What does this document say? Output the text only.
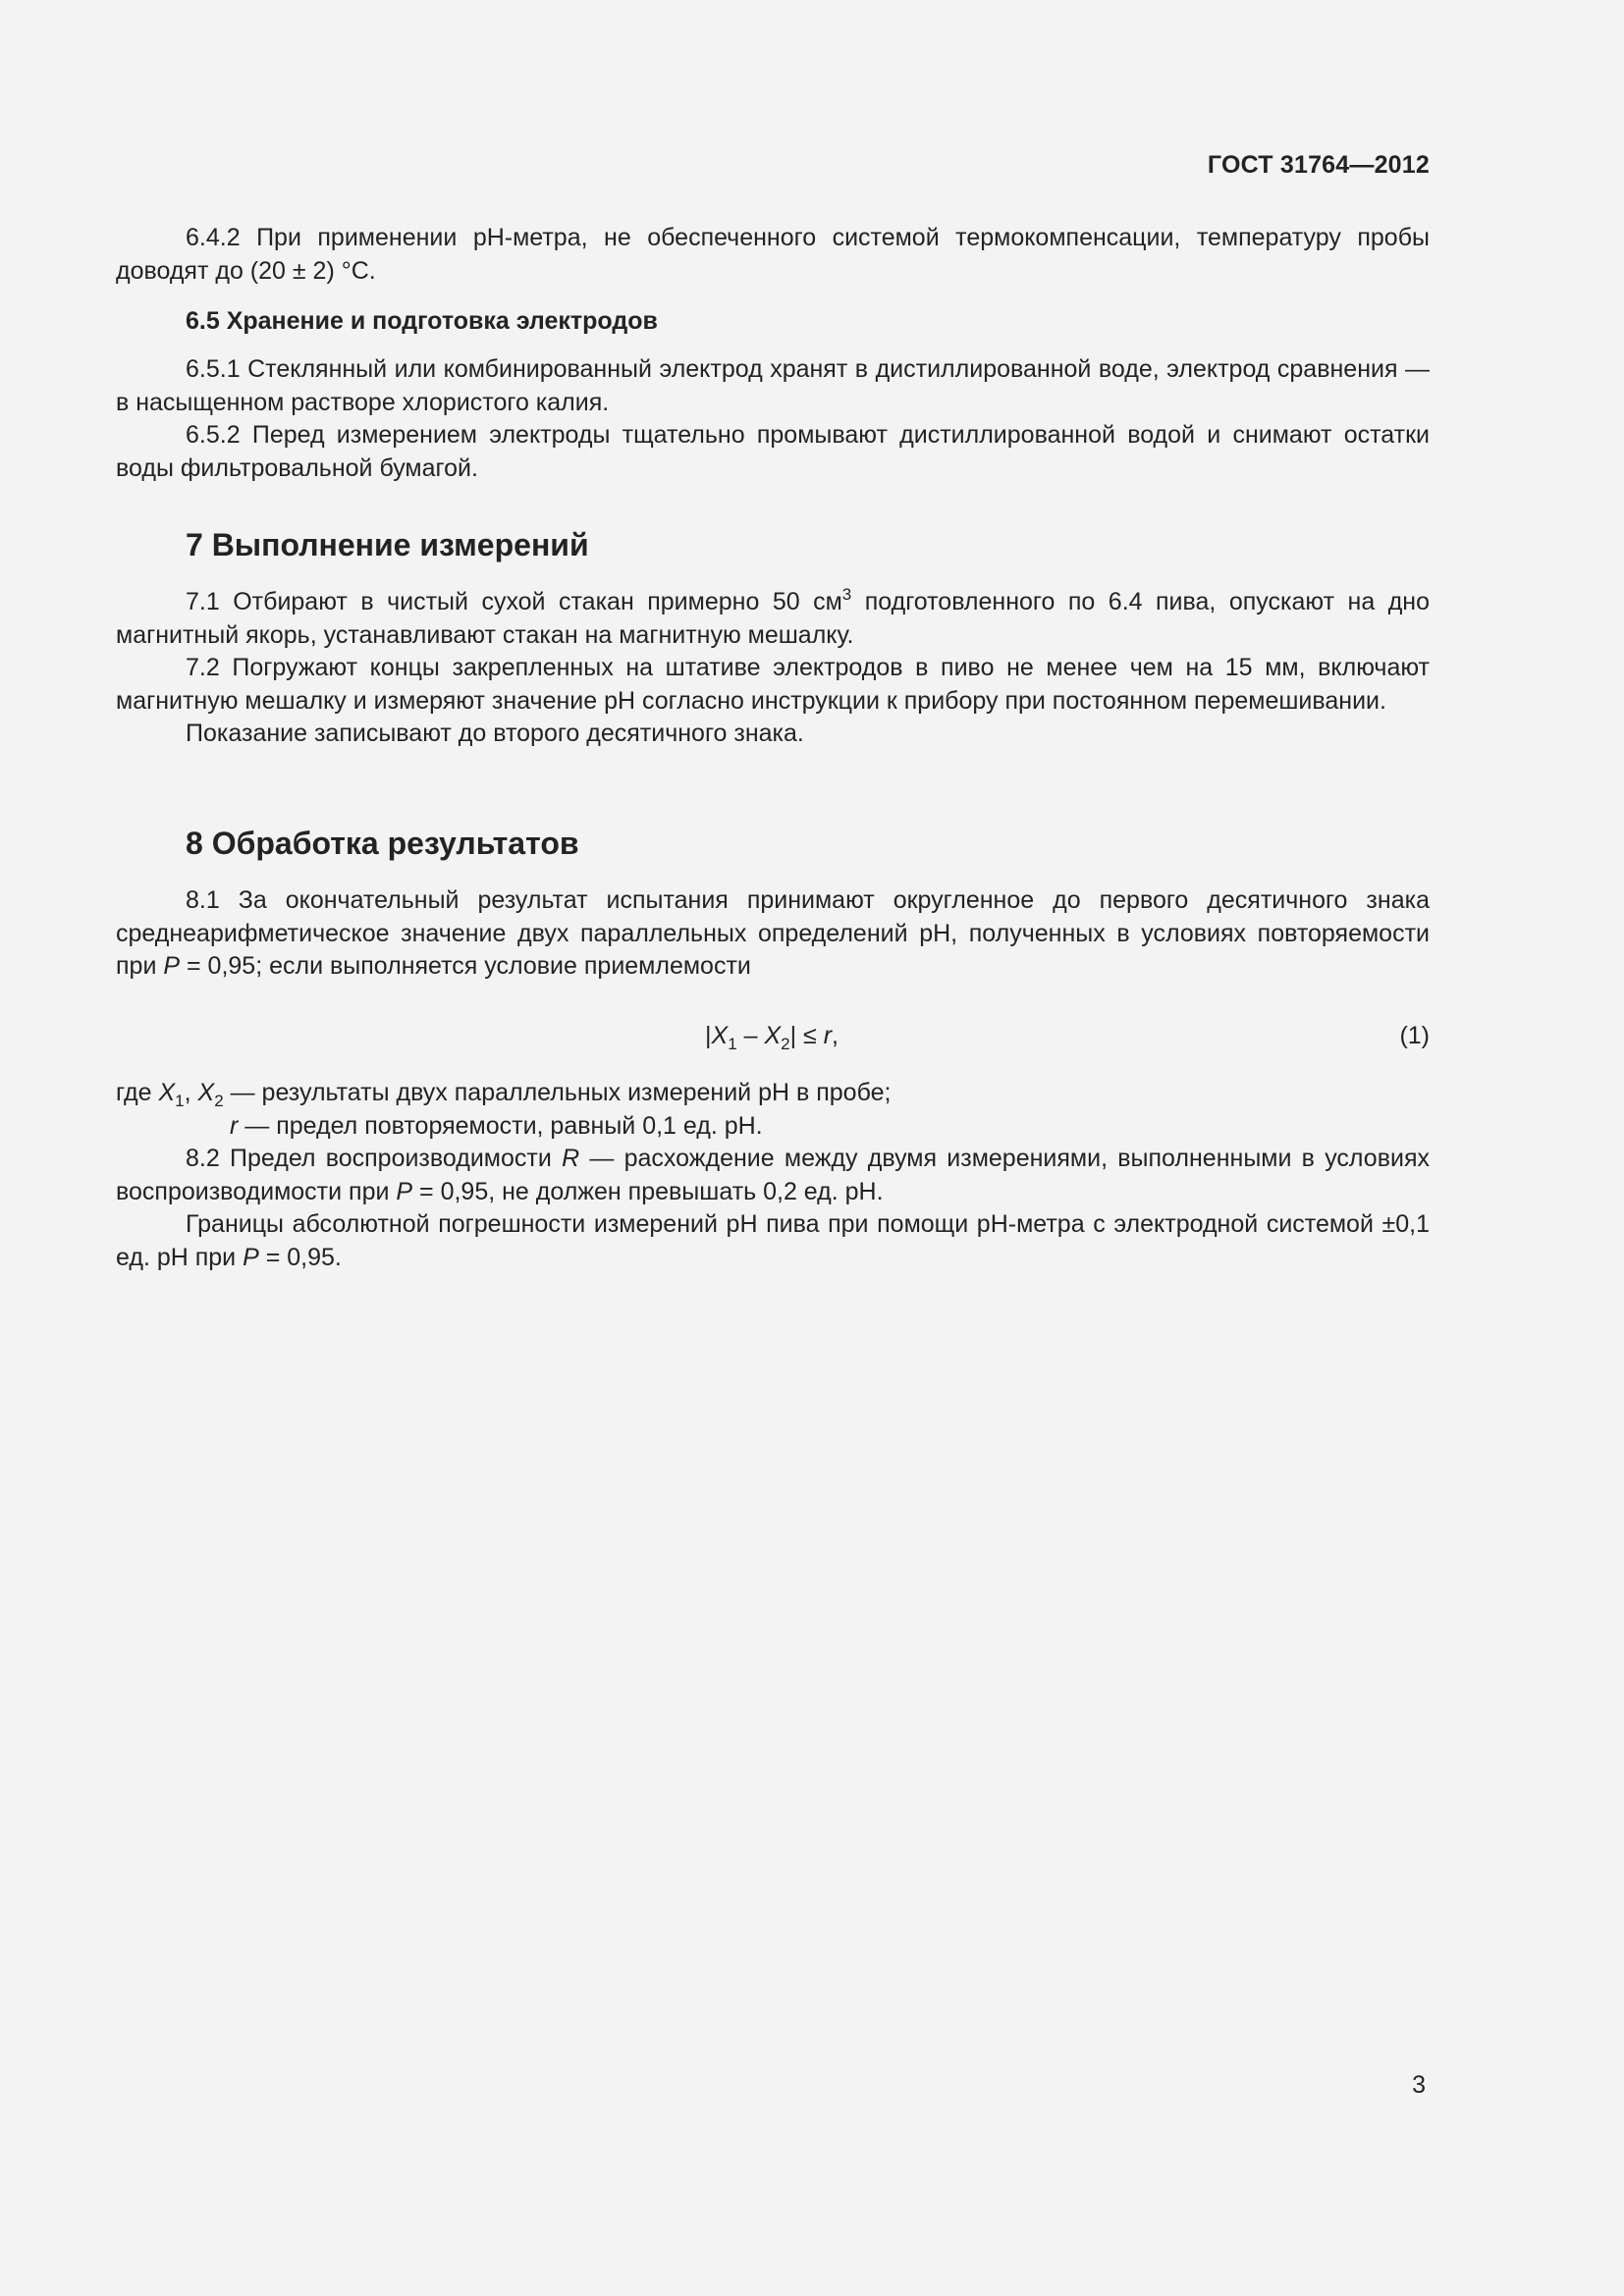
ГОСТ 31764—2012

6.4.2 При применении pH-метра, не обеспеченного системой термокомпенсации, температуру пробы доводят до (20 ± 2) °С.

6.5 Хранение и подготовка электродов

6.5.1 Стеклянный или комбинированный электрод хранят в дистиллированной воде, электрод сравнения — в насыщенном растворе хлористого калия.

6.5.2 Перед измерением электроды тщательно промывают дистиллированной водой и снимают остатки воды фильтровальной бумагой.

7 Выполнение измерений

7.1 Отбирают в чистый сухой стакан примерно 50 $см^3$ подготовленного по 6.4 пива, опускают на дно магнитный якорь, устанавливают стакан на магнитную мешалку.

7.2 Погружают концы закрепленных на штативе электродов в пиво не менее чем на 15 мм, включают магнитную мешалку и измеряют значение pH согласно инструкции к прибору при постоянном перемешивании.

Показание записывают до второго десятичного знака.

8 Обработка результатов

8.1 За окончательный результат испытания принимают округленное до первого десятичного знака среднеарифметическое значение двух параллельных определений pH, полученных в условиях повторяемости при P = 0,95; если выполняется условие приемлемости

$|X_1 - X_2| \le r$,	(1)

где $X_1$, $X_2$ — результаты двух параллельных измерений pH в пробе;

r — предел повторяемости, равный 0,1 ед. pH.

8.2 Предел воспроизводимости R — расхождение между двумя измерениями, выполненными в условиях воспроизводимости при P = 0,95, не должен превышать 0,2 ед. pH.

Границы абсолютной погрешности измерений pH пива при помощи pH-метра с электродной системой ±0,1 ед. pH при P = 0,95.

3
